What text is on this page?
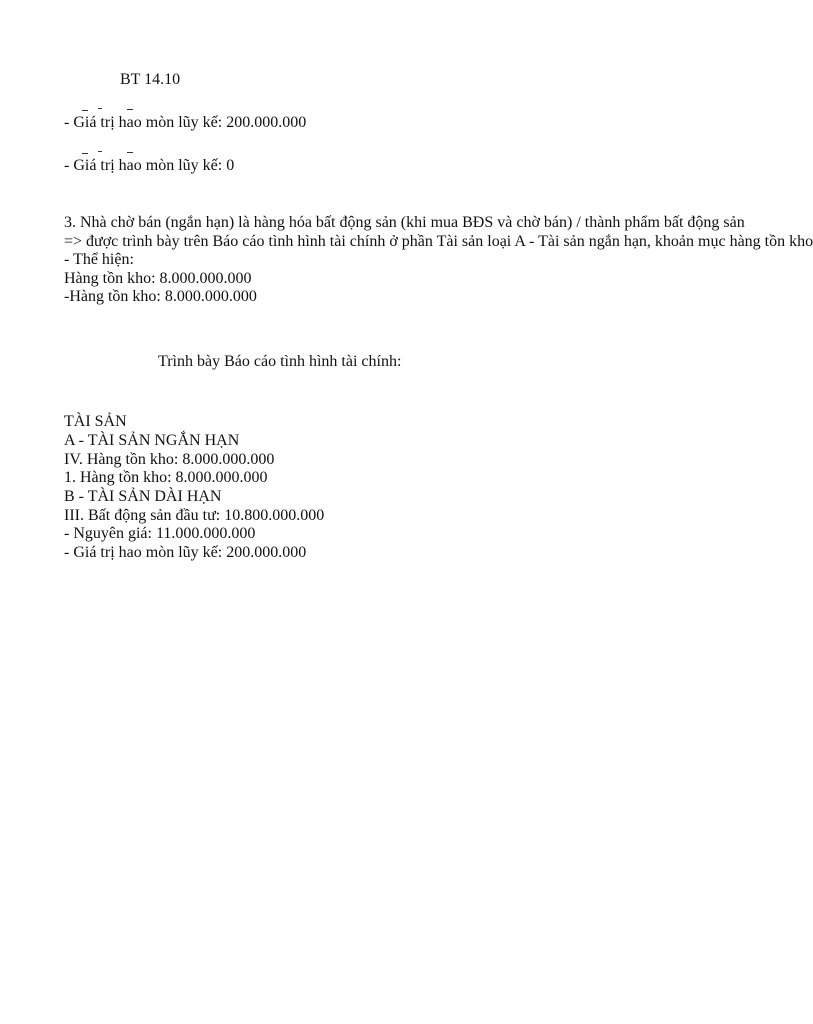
BT 14.10
- Giá trị hao mòn lũy kế: 200.000.000
- Giá trị hao mòn lũy kế: 0
3. Nhà chờ bán (ngắn hạn) là hàng hóa bất động sản (khi mua BĐS và chờ bán) / thành phẩm bất động sản
=> được trình bày trên Báo cáo tình hình tài chính ở phần Tài sản loại A - Tài sản ngắn hạn, khoản mục hàng tồn kho
- Thể hiện:
Hàng tồn kho: 8.000.000.000
-Hàng tồn kho: 8.000.000.000
Trình bày Báo cáo tình hình tài chính:
TÀI SẢN
A - TÀI SẢN NGẮN HẠN
IV. Hàng tồn kho: 8.000.000.000
1. Hàng tồn kho: 8.000.000.000
B - TÀI SẢN DÀI HẠN
III. Bất động sản đầu tư: 10.800.000.000
- Nguyên giá: 11.000.000.000
- Giá trị hao mòn lũy kế: 200.000.000
